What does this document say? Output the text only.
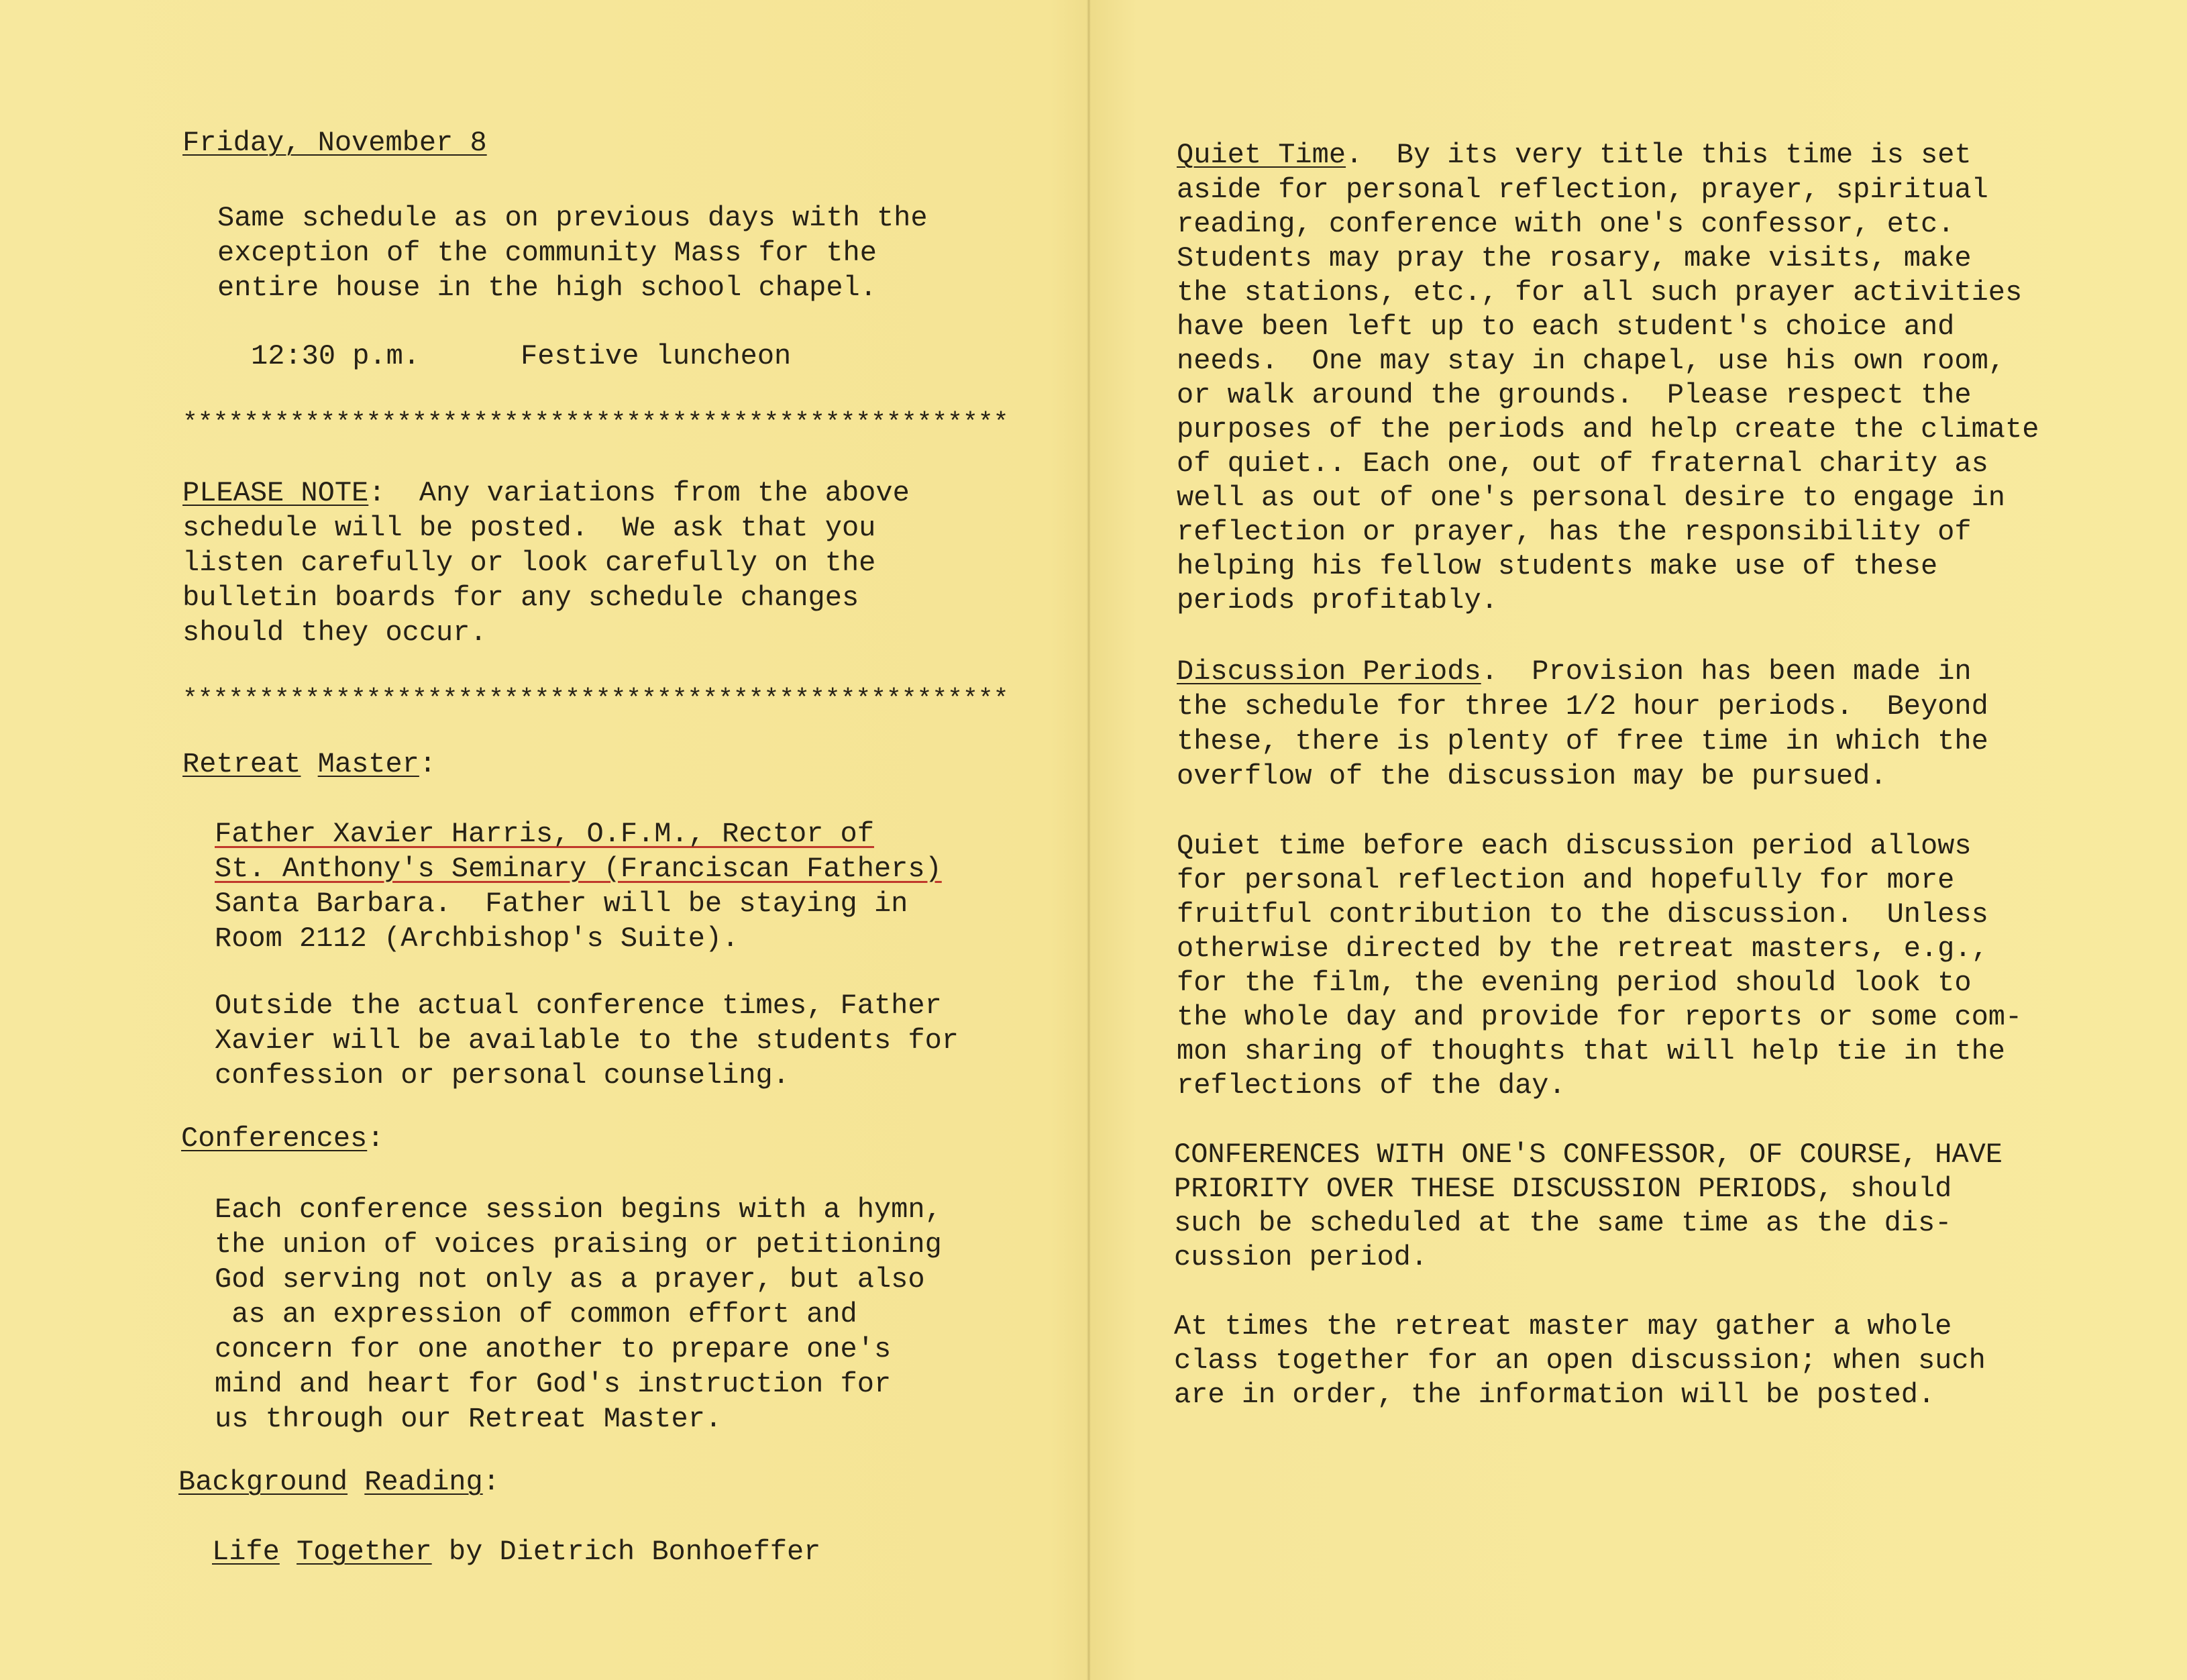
Friday, November 8
Same schedule as on previous days with the
exception of the community Mass for the
entire house in the high school chapel.
12:30 p.m.	Festive luncheon
******************************************************
PLEASE NOTE:  Any variations from the above
schedule will be posted.  We ask that you
listen carefully or look carefully on the
bulletin boards for any schedule changes
should they occur.
******************************************************
Retreat Master:
Father Xavier Harris, O.F.M., Rector of
St. Anthony's Seminary (Franciscan Fathers)
Santa Barbara.  Father will be staying in
Room 2112 (Archbishop's Suite).
Outside the actual conference times, Father
Xavier will be available to the students for
confession or personal counseling.
Conferences:
Each conference session begins with a hymn,
the union of voices praising or petitioning
God serving not only as a prayer, but also
as an expression of common effort and
concern for one another to prepare one's
mind and heart for God's instruction for
us through our Retreat Master.
Background Reading:
Life Together by Dietrich Bonhoeffer
Quiet Time.  By its very title this time is set
aside for personal reflection, prayer, spiritual
reading, conference with one's confessor, etc.
Students may pray the rosary, make visits, make
the stations, etc., for all such prayer activities
have been left up to each student's choice and
needs.  One may stay in chapel, use his own room,
or walk around the grounds.  Please respect the
purposes of the periods and help create the climate
of quiet.. Each one, out of fraternal charity as
well as out of one's personal desire to engage in
reflection or prayer, has the responsibility of
helping his fellow students make use of these
periods profitably.
Discussion Periods.  Provision has been made in
the schedule for three 1/2 hour periods.  Beyond
these, there is plenty of free time in which the
overflow of the discussion may be pursued.
Quiet time before each discussion period allows
for personal reflection and hopefully for more
fruitful contribution to the discussion.  Unless
otherwise directed by the retreat masters, e.g.,
for the film, the evening period should look to
the whole day and provide for reports or some com-
mon sharing of thoughts that will help tie in the
reflections of the day.
CONFERENCES WITH ONE'S CONFESSOR, OF COURSE, HAVE
PRIORITY OVER THESE DISCUSSION PERIODS, should
such be scheduled at the same time as the dis-
cussion period.
At times the retreat master may gather a whole
class together for an open discussion; when such
are in order, the information will be posted.
